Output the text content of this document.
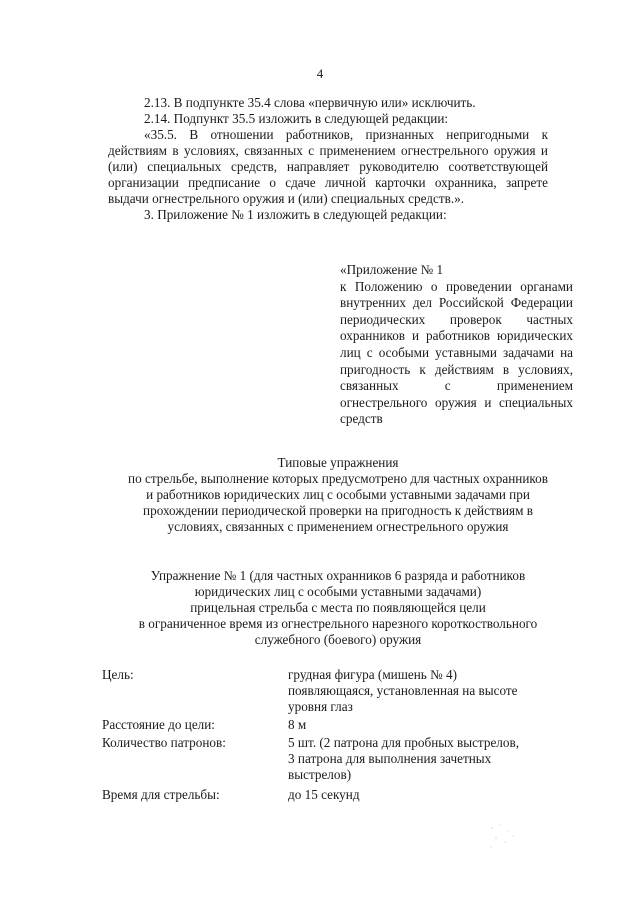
4

2.13. В подпункте 35.4 слова «первичную или» исключить.

2.14. Подпункт 35.5 изложить в следующей редакции:

«35.5. В отношении работников, признанных непригодными к действиям в условиях, связанных с применением огнестрельного оружия и (или) специальных средств, направляет руководителю соответствующей организации предписание о сдаче личной карточки охранника, запрете выдачи огнестрельного оружия и (или) специальных средств.».

3. Приложение № 1 изложить в следующей редакции:

«Приложение № 1
к Положению о проведении органами внутренних дел Российской Федерации периодических проверок частных охранников и работников юридических лиц с особыми уставными задачами на пригодность к действиям в условиях, связанных с применением огнестрельного оружия и специальных средств
Типовые упражнения
по стрельбе, выполнение которых предусмотрено для частных охранников
и работников юридических лиц с особыми уставными задачами при
прохождении периодической проверки на пригодность к действиям в
условиях, связанных с применением огнестрельного оружия
Упражнение № 1 (для частных охранников 6 разряда и работников
юридических лиц с особыми уставными задачами)
прицельная стрельба с места по появляющейся цели
в ограниченное время из огнестрельного нарезного короткоствольного
служебного (боевого) оружия
Цель:	грудная фигура (мишень № 4)
появляющаяся, установленная на высоте
уровня глаз
Расстояние до цели:	8 м
Количество патронов:	5 шт. (2 патрона для пробных выстрелов,
3 патрона для выполнения зачетных
выстрелов)
Время для стрельбы:	до 15 секунд
